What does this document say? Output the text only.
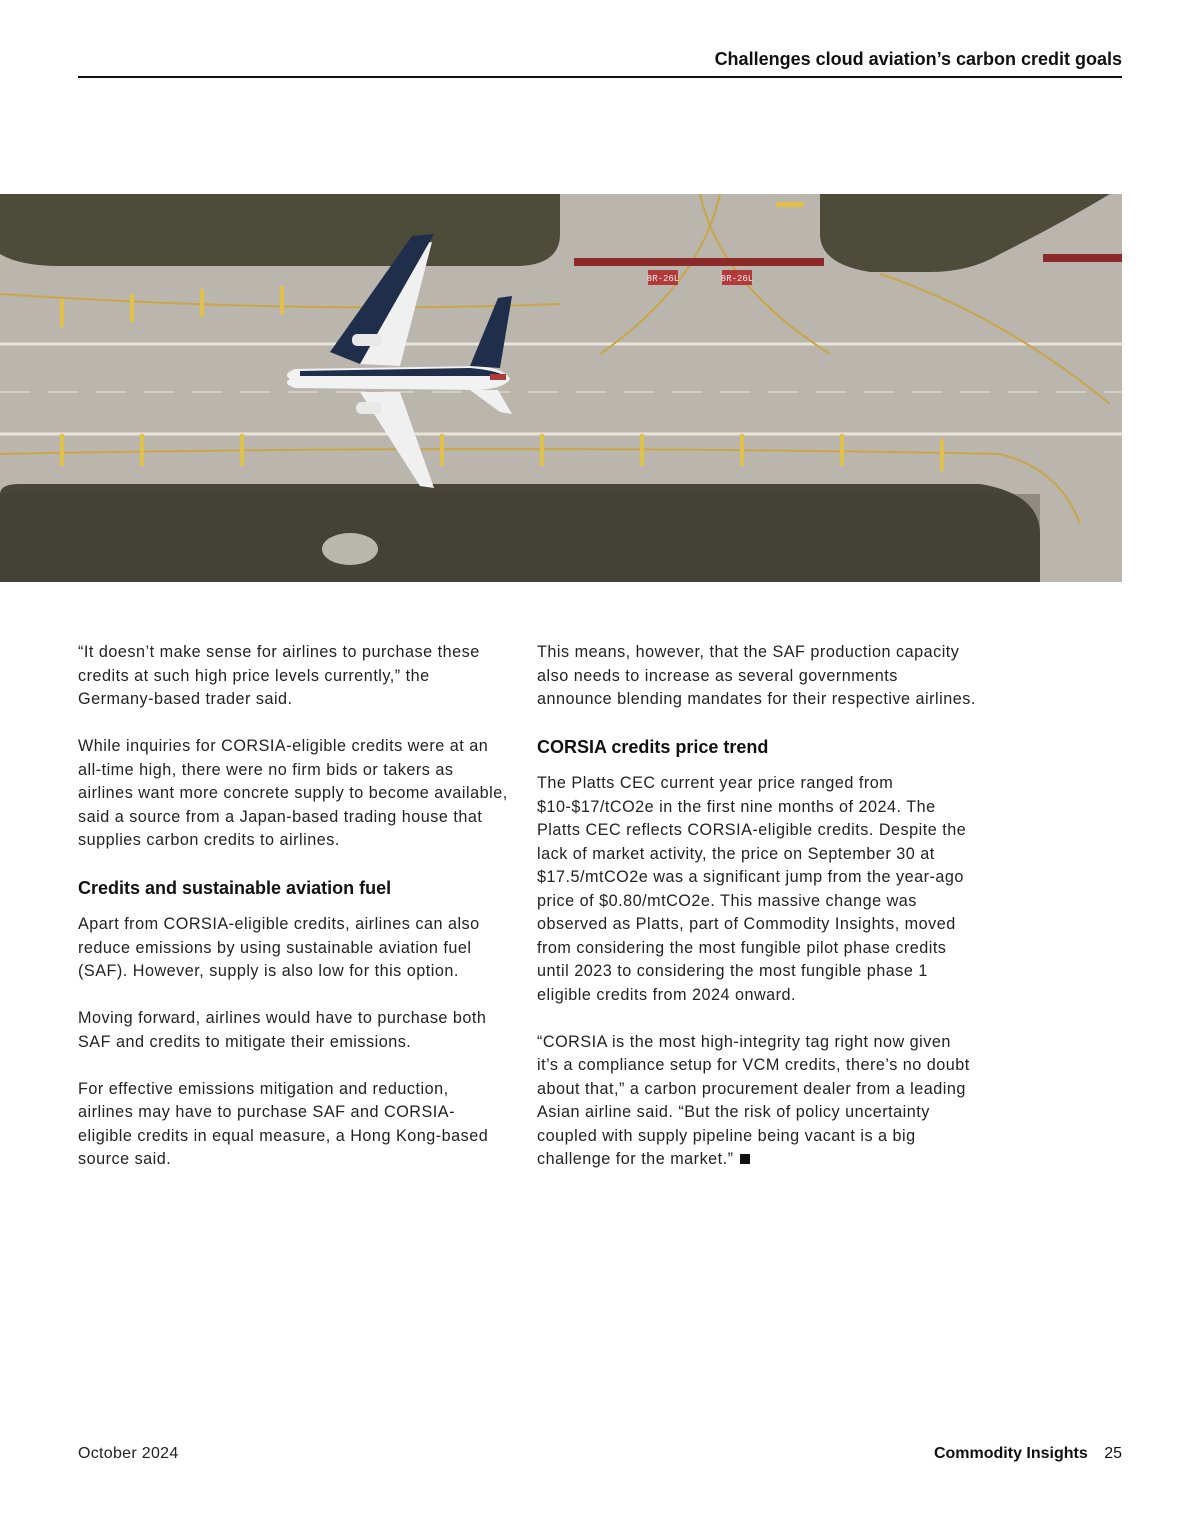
Challenges cloud aviation’s carbon credit goals
8R-26L	8R-26L

“It doesn’t make sense for airlines to purchase these credits at such high price levels currently,” the Germany-based trader said.

While inquiries for CORSIA-eligible credits were at an all-time high, there were no firm bids or takers as airlines want more concrete supply to become available, said a source from a Japan-based trading house that supplies carbon credits to airlines.

Credits and sustainable aviation fuel

Apart from CORSIA-eligible credits, airlines can also reduce emissions by using sustainable aviation fuel (SAF). However, supply is also low for this option.

Moving forward, airlines would have to purchase both SAF and credits to mitigate their emissions.

For effective emissions mitigation and reduction, airlines may have to purchase SAF and CORSIA-eligible credits in equal measure, a Hong Kong-based source said.

This means, however, that the SAF production capacity also needs to increase as several governments announce blending mandates for their respective airlines.

CORSIA credits price trend

The Platts CEC current year price ranged from $10-$17/tCO2e in the first nine months of 2024. The Platts CEC reflects CORSIA-eligible credits. Despite the lack of market activity, the price on September 30 at $17.5/mtCO2e was a significant jump from the year-ago price of $0.80/mtCO2e. This massive change was observed as Platts, part of Commodity Insights, moved from considering the most fungible pilot phase credits until 2023 to considering the most fungible phase 1 eligible credits from 2024 onward.

“CORSIA is the most high-integrity tag right now given it’s a compliance setup for VCM credits, there’s no doubt about that,” a carbon procurement dealer from a leading Asian airline said. “But the risk of policy uncertainty coupled with supply pipeline being vacant is a big challenge for the market.”

October 2024	Commodity Insights 25
